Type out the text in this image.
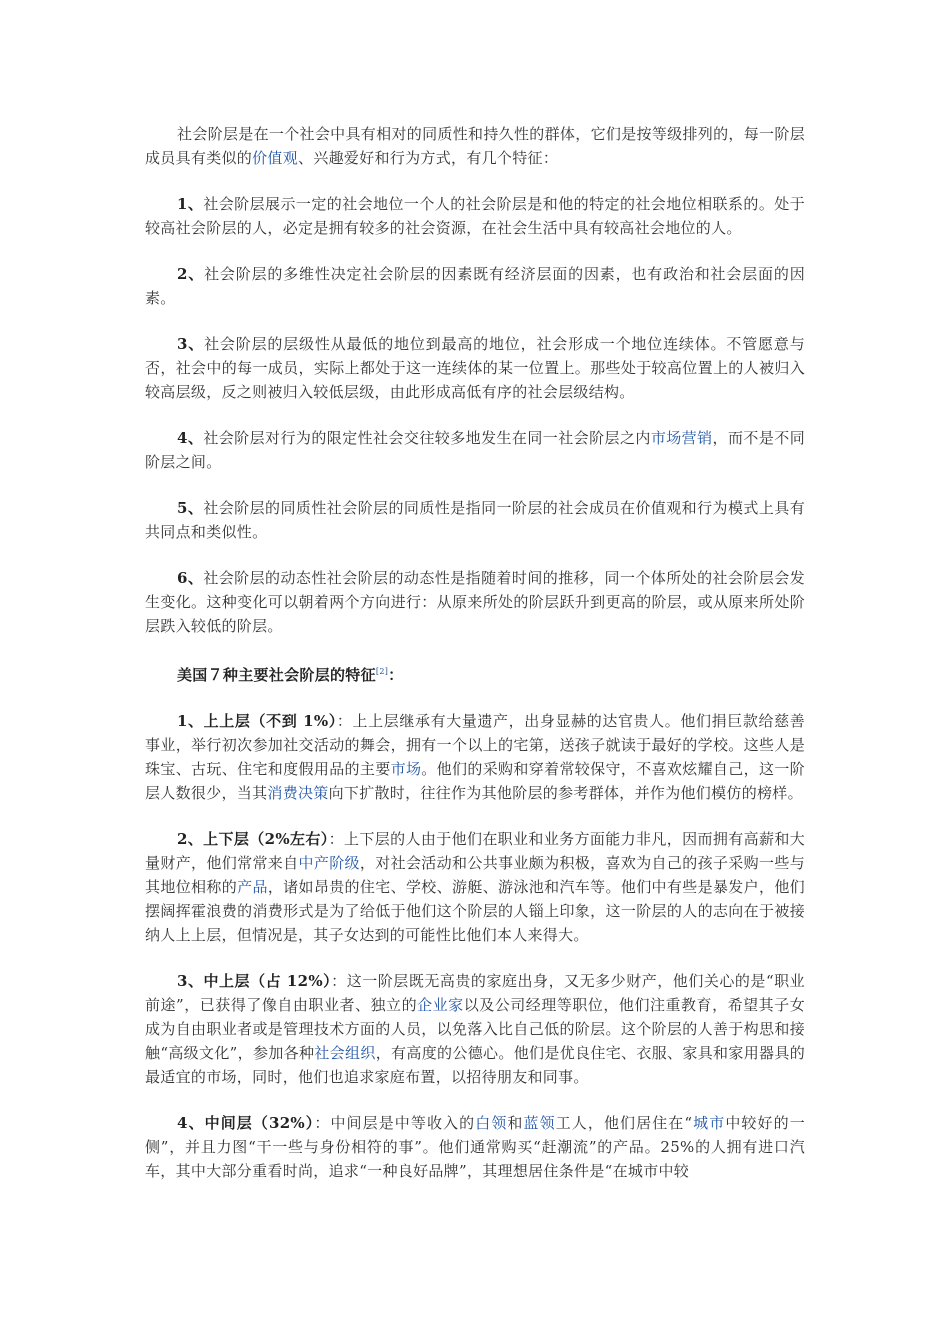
社会阶层是在一个社会中具有相对的同质性和持久性的群体，它们是按等级排列的，每一阶层成员具有类似的价值观、兴趣爱好和行为方式，有几个特征：

1、社会阶层展示一定的社会地位一个人的社会阶层是和他的特定的社会地位相联系的。处于较高社会阶层的人，必定是拥有较多的社会资源，在社会生活中具有较高社会地位的人。

2、社会阶层的多维性决定社会阶层的因素既有经济层面的因素，也有政治和社会层面的因素。

3、社会阶层的层级性从最低的地位到最高的地位，社会形成一个地位连续体。不管愿意与否，社会中的每一成员，实际上都处于这一连续体的某一位置上。那些处于较高位置上的人被归入较高层级，反之则被归入较低层级，由此形成高低有序的社会层级结构。

4、社会阶层对行为的限定性社会交往较多地发生在同一社会阶层之内市场营销，而不是不同阶层之间。

5、社会阶层的同质性社会阶层的同质性是指同一阶层的社会成员在价值观和行为模式上具有共同点和类似性。

6、社会阶层的动态性社会阶层的动态性是指随着时间的推移，同一个体所处的社会阶层会发生变化。这种变化可以朝着两个方向进行：从原来所处的阶层跃升到更高的阶层，或从原来所处阶层跌入较低的阶层。

美国７种主要社会阶层的特征[2]：

1、上上层（不到 1%）：上上层继承有大量遗产，出身显赫的达官贵人。他们捐巨款给慈善事业，举行初次参加社交活动的舞会，拥有一个以上的宅第，送孩子就读于最好的学校。这些人是珠宝、古玩、住宅和度假用品的主要市场。他们的采购和穿着常较保守，不喜欢炫耀自己，这一阶层人数很少，当其消费决策向下扩散时，往往作为其他阶层的参考群体，并作为他们模仿的榜样。

2、上下层（2%左右）：上下层的人由于他们在职业和业务方面能力非凡，因而拥有高薪和大量财产，他们常常来自中产阶级，对社会活动和公共事业颇为积极，喜欢为自己的孩子采购一些与其地位相称的产品，诸如昂贵的住宅、学校、游艇、游泳池和汽车等。他们中有些是暴发户，他们摆阔挥霍浪费的消费形式是为了给低于他们这个阶层的人锱上印象，这一阶层的人的志向在于被接纳人上上层，但情况是，其子女达到的可能性比他们本人来得大。

3、中上层（占 12%）：这一阶层既无高贵的家庭出身，又无多少财产，他们关心的是“职业前途”，已获得了像自由职业者、独立的企业家以及公司经理等职位，他们注重教育，希望其子女成为自由职业者或是管理技术方面的人员，以免落入比自己低的阶层。这个阶层的人善于构思和接触“高级文化”，参加各种社会组织，有高度的公德心。他们是优良住宅、衣服、家具和家用器具的最适宜的市场，同时，他们也追求家庭布置，以招待朋友和同事。

4、中间层（32%）：中间层是中等收入的白领和蓝领工人，他们居住在“城市中较好的一侧”，并且力图“干一些与身份相符的事”。他们通常购买“赶潮流”的产品。25%的人拥有进口汽车，其中大部分重看时尚，追求“一种良好品牌”，其理想居住条件是“在城市中较
